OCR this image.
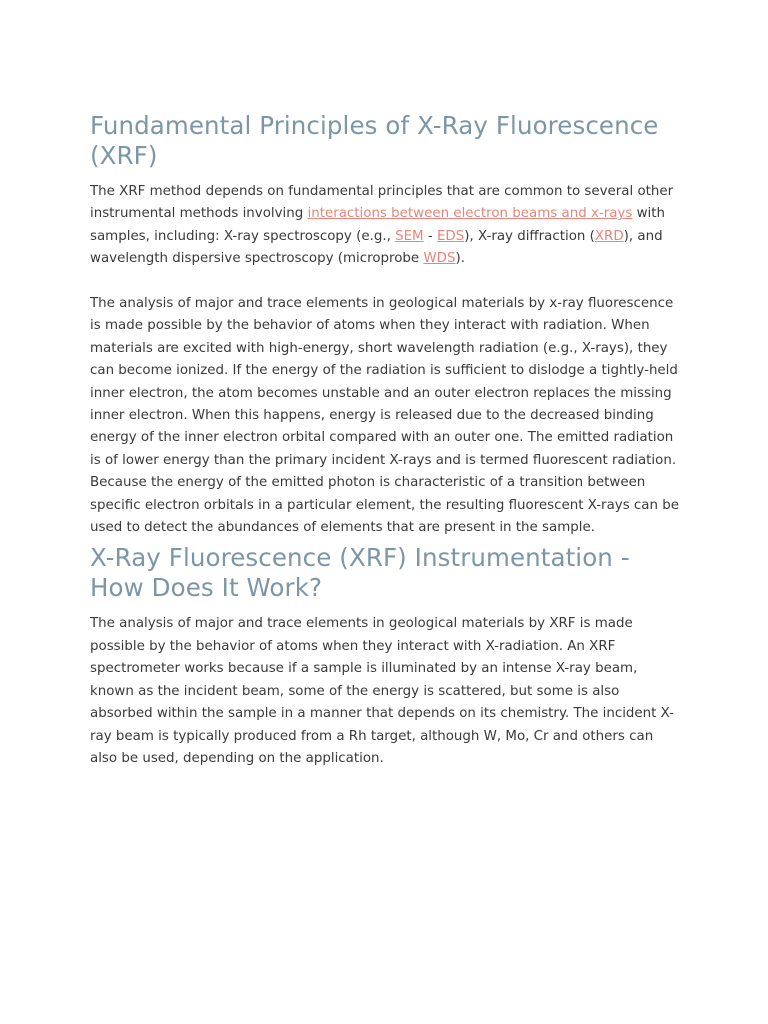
Fundamental Principles of X-Ray Fluorescence (XRF)

The XRF method depends on fundamental principles that are common to several other instrumental methods involving interactions between electron beams and x-rays with samples, including: X-ray spectroscopy (e.g., SEM - EDS), X-ray diffraction (XRD), and wavelength dispersive spectroscopy (microprobe WDS).

The analysis of major and trace elements in geological materials by x-ray fluorescence is made possible by the behavior of atoms when they interact with radiation. When materials are excited with high-energy, short wavelength radiation (e.g., X-rays), they can become ionized. If the energy of the radiation is sufficient to dislodge a tightly-held inner electron, the atom becomes unstable and an outer electron replaces the missing inner electron. When this happens, energy is released due to the decreased binding energy of the inner electron orbital compared with an outer one. The emitted radiation is of lower energy than the primary incident X-rays and is termed fluorescent radiation. Because the energy of the emitted photon is characteristic of a transition between specific electron orbitals in a particular element, the resulting fluorescent X-rays can be used to detect the abundances of elements that are present in the sample.

X-Ray Fluorescence (XRF) Instrumentation - How Does It Work?

The analysis of major and trace elements in geological materials by XRF is made possible by the behavior of atoms when they interact with X-radiation. An XRF spectrometer works because if a sample is illuminated by an intense X-ray beam, known as the incident beam, some of the energy is scattered, but some is also absorbed within the sample in a manner that depends on its chemistry. The incident X-ray beam is typically produced from a Rh target, although W, Mo, Cr and others can also be used, depending on the application.
